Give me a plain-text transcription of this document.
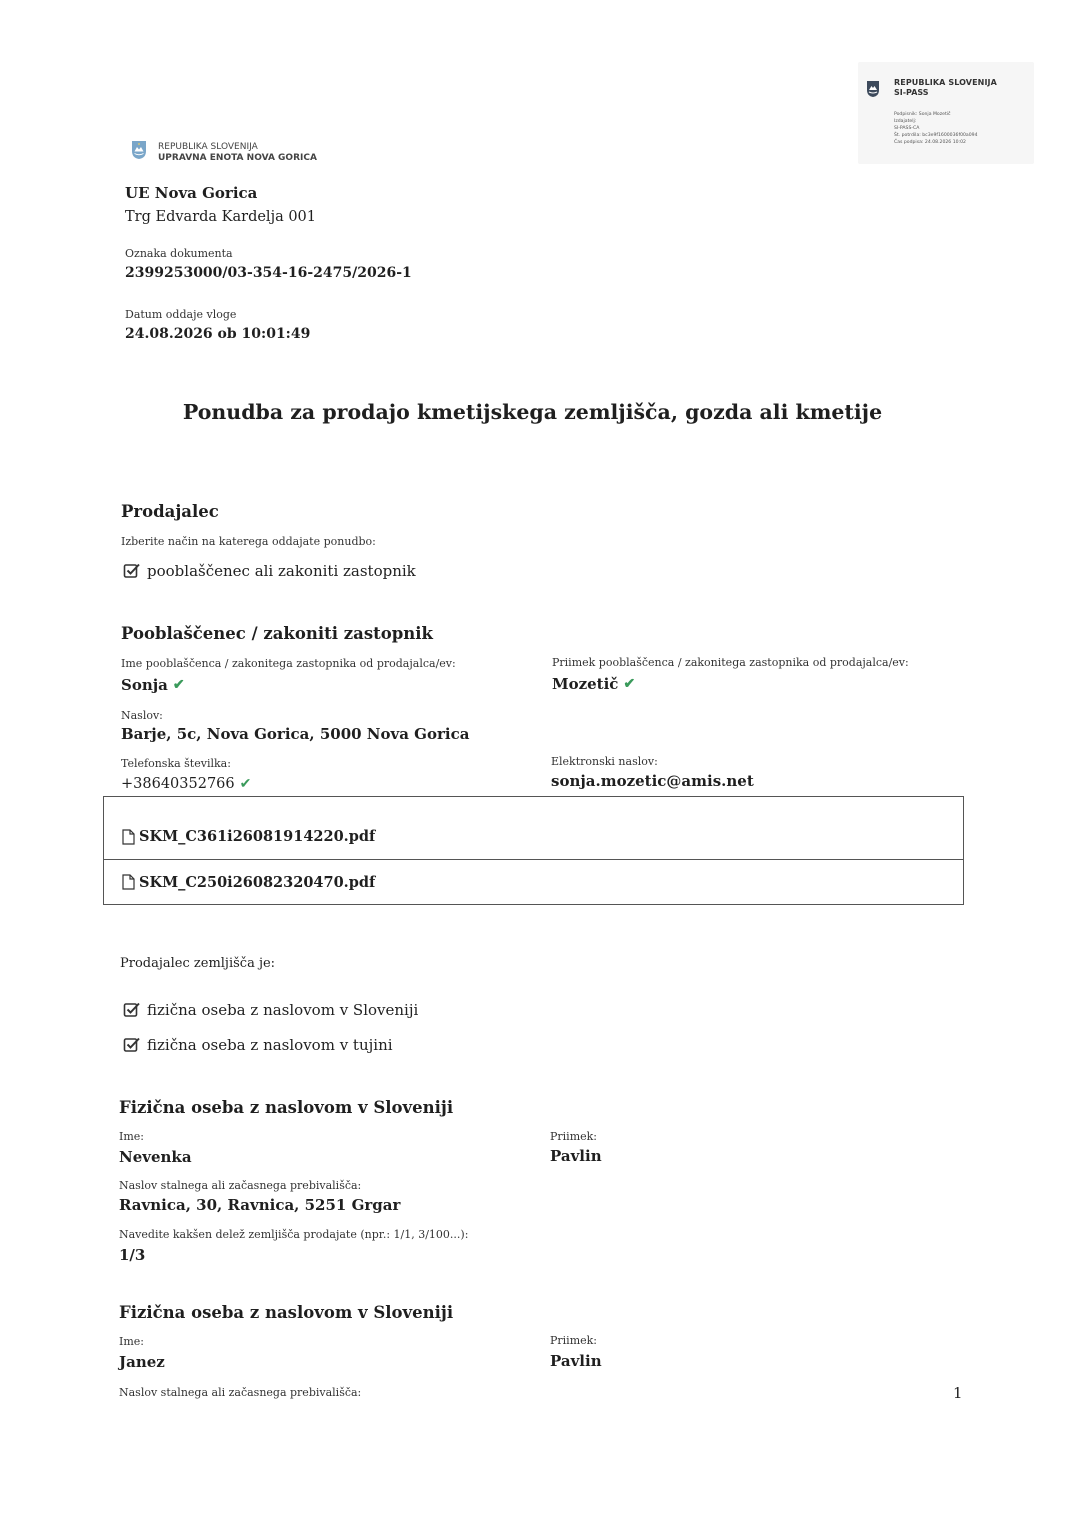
REPUBLIKA SLOVENIJA
SI-PASS
Podpisnik: Sonja Mozetič
Izdajatelj:
SI-PASS-CA
Št. potrdila: bc3e9f1600036f00a094
Čas podpisa: 24.08.2026 10:02
REPUBLIKA SLOVENIJA
UPRAVNA ENOTA NOVA GORICA
UE Nova Gorica
Trg Edvarda Kardelja 001
Oznaka dokumenta
2399253000/03-354-16-2475/2026-1
Datum oddaje vloge
24.08.2026 ob 10:01:49
Ponudba za prodajo kmetijskega zemljišča, gozda ali kmetije
Prodajalec
Izberite način na katerega oddajate ponudbo:
pooblaščenec ali zakoniti zastopnik
Pooblaščenec / zakoniti zastopnik
Ime pooblaščenca / zakonitega zastopnika od prodajalca/ev:
Sonja ✔
Priimek pooblaščenca / zakonitega zastopnika od prodajalca/ev:
Mozetič ✔
Naslov:
Barje, 5c, Nova Gorica, 5000 Nova Gorica
Telefonska številka:
+38640352766 ✔
Elektronski naslov:
sonja.mozetic@amis.net
SKM_C361i26081914220.pdf
SKM_C250i26082320470.pdf
Prodajalec zemljišča je:
fizična oseba z naslovom v Sloveniji
fizična oseba z naslovom v tujini
Fizična oseba z naslovom v Sloveniji
Ime:
Nevenka
Priimek:
Pavlin
Naslov stalnega ali začasnega prebivališča:
Ravnica, 30, Ravnica, 5251 Grgar
Navedite kakšen delež zemljišča prodajate (npr.: 1/1, 3/100...):
1/3
Fizična oseba z naslovom v Sloveniji
Ime:
Janez
Priimek:
Pavlin
Naslov stalnega ali začasnega prebivališča:	1
